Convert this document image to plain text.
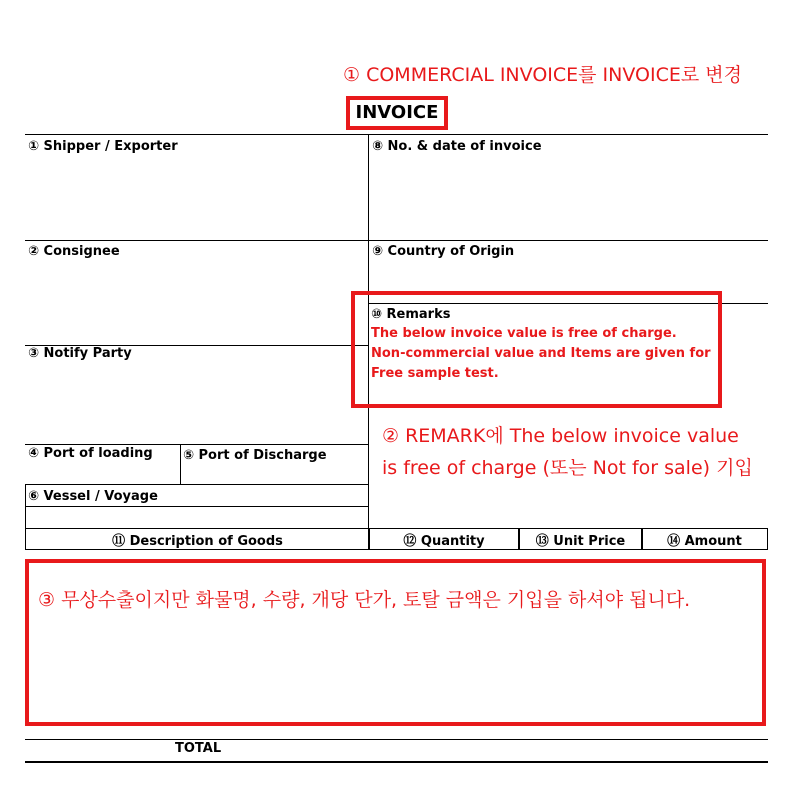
① COMMERCIAL INVOICE를 INVOICE로 변경
INVOICE
① Shipper / Exporter	⑧ No. & date of invoice
② Consignee	⑨ Country of Origin
③ Notify Party
④ Port of loading ⑤ Port of Discharge
⑥ Vessel / Voyage
⑩ Remarks
The below invoice value is free of charge.
Non-commercial value and Items are given for
Free sample test.
② REMARK에 The below invoice value
is free of charge (또는 Not for sale) 기입
⑪ Description of Goods	⑫ Quantity	⑬ Unit Price	⑭ Amount
③ 무상수출이지만 화물명, 수량, 개당 단가, 토탈 금액은 기입을 하셔야 됩니다.
TOTAL
